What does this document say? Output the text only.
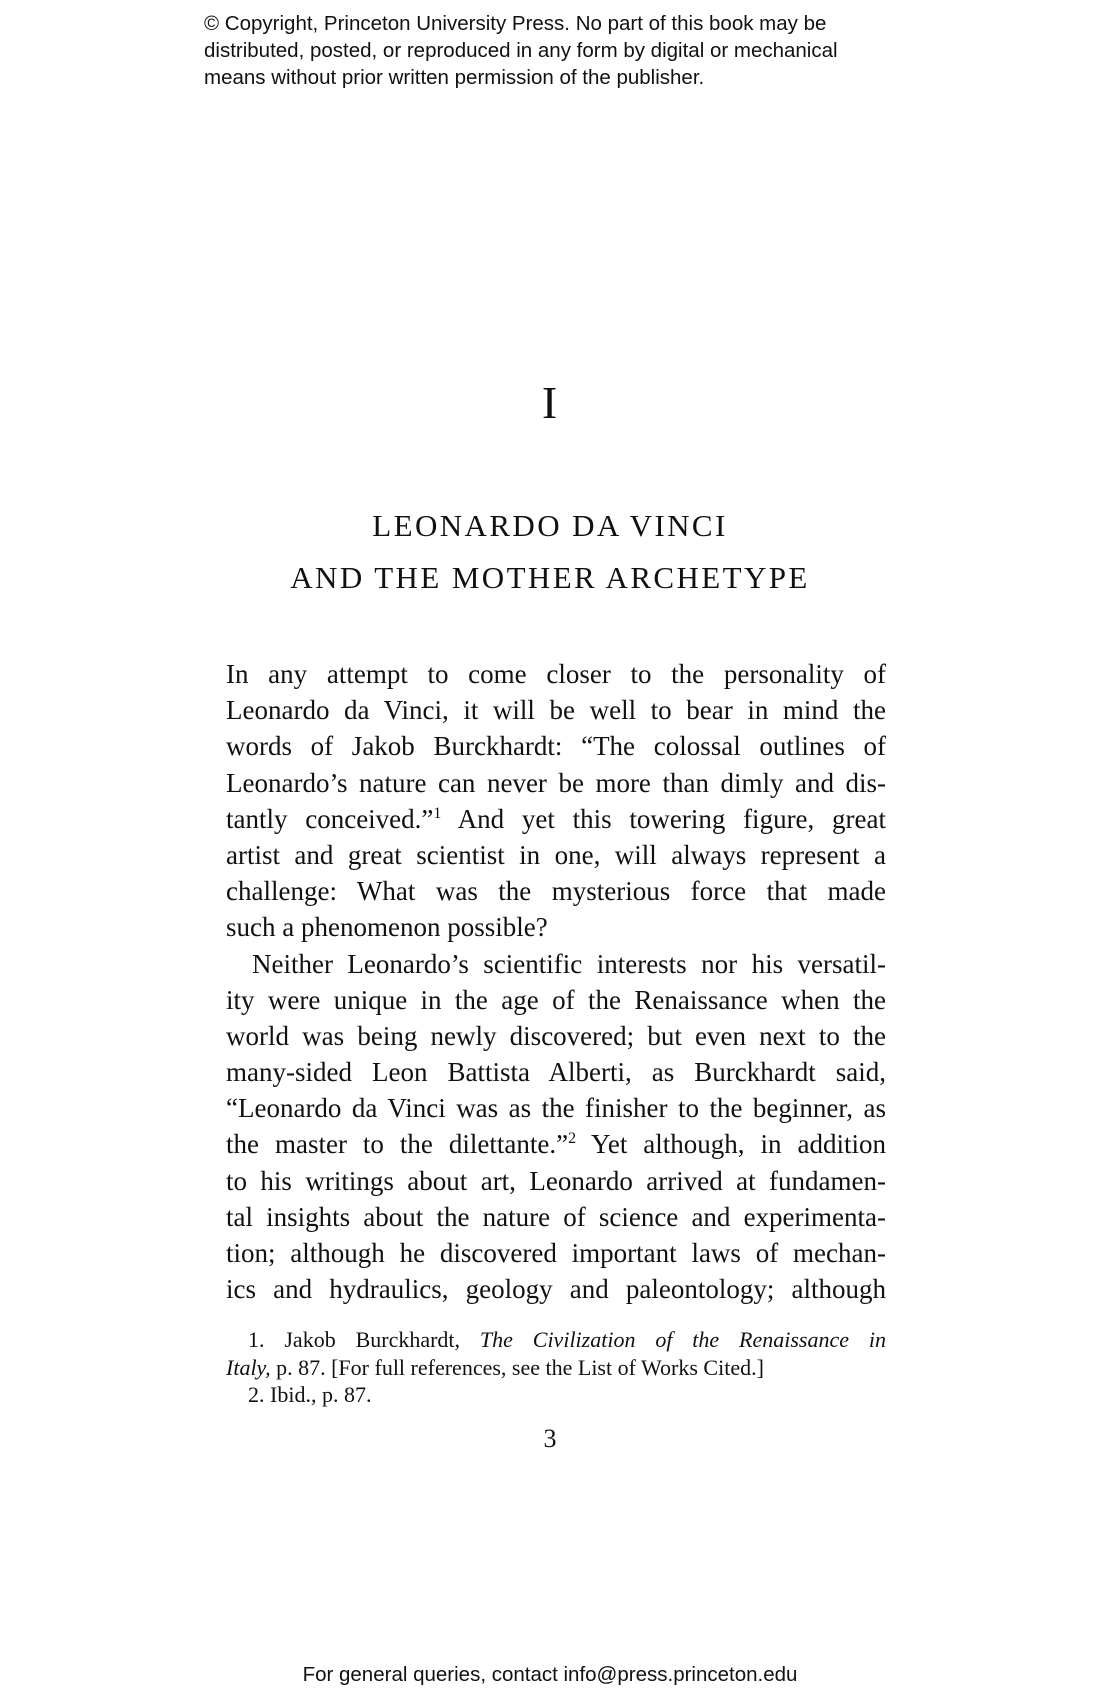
© Copyright, Princeton University Press. No part of this book may be
distributed, posted, or reproduced in any form by digital or mechanical
means without prior written permission of the publisher.
I
LEONARDO DA VINCI
AND THE MOTHER ARCHETYPE
In any attempt to come closer to the personality of
Leonardo da Vinci, it will be well to bear in mind the
words of Jakob Burckhardt: “The colossal outlines of
Leonardo’s nature can never be more than dimly and dis-
tantly conceived.”$^1$ And yet this towering figure, great
artist and great scientist in one, will always represent a
challenge: What was the mysterious force that made
such a phenomenon possible?
Neither Leonardo’s scientific interests nor his versatil-
ity were unique in the age of the Renaissance when the
world was being newly discovered; but even next to the
many-sided Leon Battista Alberti, as Burckhardt said,
“Leonardo da Vinci was as the finisher to the beginner, as
the master to the dilettante.”$^2$ Yet although, in addition
to his writings about art, Leonardo arrived at fundamen-
tal insights about the nature of science and experimenta-
tion; although he discovered important laws of mechan-
ics and hydraulics, geology and paleontology; although
1. Jakob Burckhardt, The Civilization of the Renaissance in
Italy, p. 87. [For full references, see the List of Works Cited.]
2. Ibid., p. 87.
3
For general queries, contact info@press.princeton.edu
